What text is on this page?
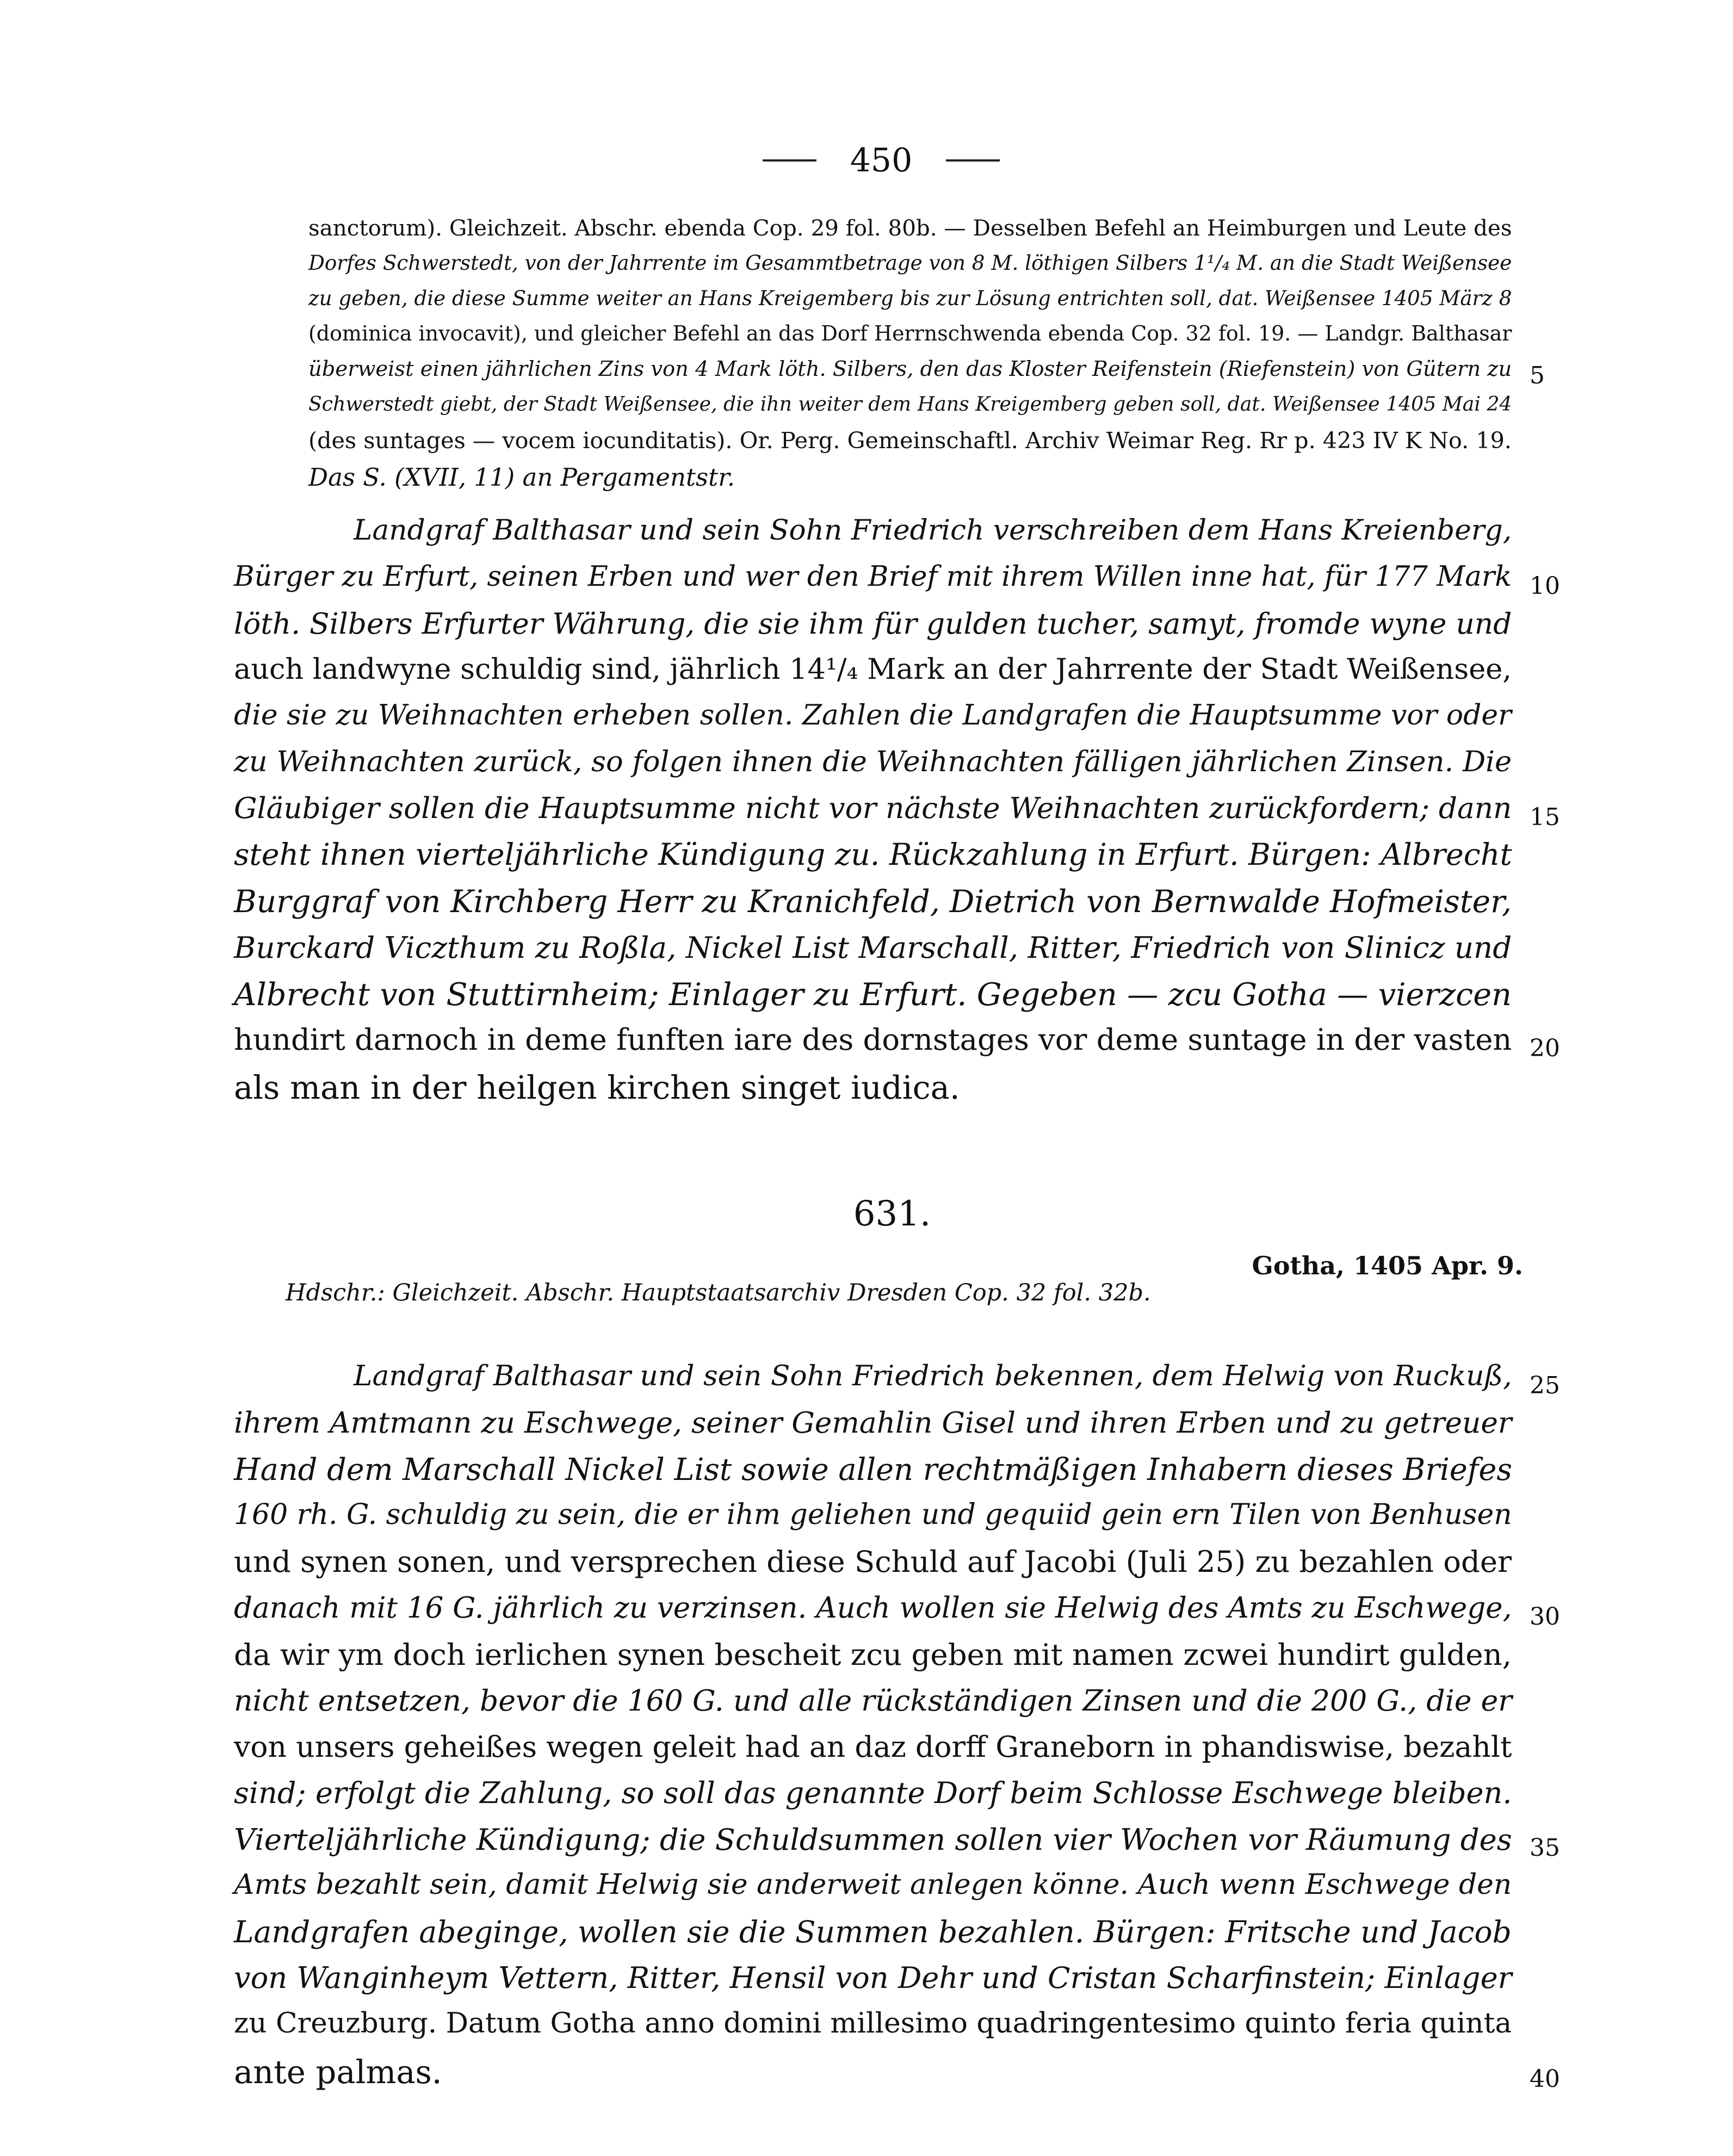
450
sanctorum). Gleichzeit. Abschr. ebenda Cop. 29 fol. 80b. — Desselben Befehl an Heimburgen und Leute des
Dorfes Schwerstedt, von der Jahrrente im Gesammtbetrage von 8 M. löthigen Silbers 1¹/₄ M. an die Stadt Weißensee
zu geben, die diese Summe weiter an Hans Kreigemberg bis zur Lösung entrichten soll, dat. Weißensee 1405 März 8
(dominica invocavit), und gleicher Befehl an das Dorf Herrnschwenda ebenda Cop. 32 fol. 19. — Landgr. Balthasar
überweist einen jährlichen Zins von 4 Mark löth. Silbers, den das Kloster Reifenstein (Riefenstein) von Gütern zu
Schwerstedt giebt, der Stadt Weißensee, die ihn weiter dem Hans Kreigemberg geben soll, dat. Weißensee 1405 Mai 24
(des suntages — vocem iocunditatis). Or. Perg. Gemeinschaftl. Archiv Weimar Reg. Rr p. 423 IV K No. 19.
Das S. (XVII, 11) an Pergamentstr.
Landgraf Balthasar und sein Sohn Friedrich verschreiben dem Hans Kreienberg,
Bürger zu Erfurt, seinen Erben und wer den Brief mit ihrem Willen inne hat, für 177 Mark
löth. Silbers Erfurter Währung, die sie ihm für gulden tucher, samyt, fromde wyne und
auch landwyne schuldig sind, jährlich 14¹/₄ Mark an der Jahrrente der Stadt Weißensee,
die sie zu Weihnachten erheben sollen. Zahlen die Landgrafen die Hauptsumme vor oder
zu Weihnachten zurück, so folgen ihnen die Weihnachten fälligen jährlichen Zinsen. Die
Gläubiger sollen die Hauptsumme nicht vor nächste Weihnachten zurückfordern; dann
steht ihnen vierteljährliche Kündigung zu. Rückzahlung in Erfurt. Bürgen: Albrecht
Burggraf von Kirchberg Herr zu Kranichfeld, Dietrich von Bernwalde Hofmeister,
Burckard Viczthum zu Roßla, Nickel List Marschall, Ritter, Friedrich von Slinicz und
Albrecht von Stuttirnheim; Einlager zu Erfurt. Gegeben — zcu Gotha — vierzcen
hundirt darnoch in deme funften iare des dornstages vor deme suntage in der vasten
als man in der heilgen kirchen singet iudica.
Landgraf Balthasar und sein Sohn Friedrich bekennen, dem Helwig von Ruckuß,
ihrem Amtmann zu Eschwege, seiner Gemahlin Gisel und ihren Erben und zu getreuer
Hand dem Marschall Nickel List sowie allen rechtmäßigen Inhabern dieses Briefes
160 rh. G. schuldig zu sein, die er ihm geliehen und gequiid gein ern Tilen von Benhusen
und synen sonen, und versprechen diese Schuld auf Jacobi (Juli 25) zu bezahlen oder
danach mit 16 G. jährlich zu verzinsen. Auch wollen sie Helwig des Amts zu Eschwege,
da wir ym doch ierlichen synen bescheit zcu geben mit namen zcwei hundirt gulden,
nicht entsetzen, bevor die 160 G. und alle rückständigen Zinsen und die 200 G., die er
von unsers geheißes wegen geleit had an daz dorff Graneborn in phandiswise, bezahlt
sind; erfolgt die Zahlung, so soll das genannte Dorf beim Schlosse Eschwege bleiben.
Vierteljährliche Kündigung; die Schuldsummen sollen vier Wochen vor Räumung des
Amts bezahlt sein, damit Helwig sie anderweit anlegen könne. Auch wenn Eschwege den
Landgrafen abeginge, wollen sie die Summen bezahlen. Bürgen: Fritsche und Jacob
von Wanginheym Vettern, Ritter, Hensil von Dehr und Cristan Scharfinstein; Einlager
zu Creuzburg. Datum Gotha anno domini millesimo quadringentesimo quinto feria quinta
ante palmas.
631.
Gotha, 1405 Apr. 9.
Hdschr.: Gleichzeit. Abschr. Hauptstaatsarchiv Dresden Cop. 32 fol. 32b.
5
10
15
20
25
30
35
40
